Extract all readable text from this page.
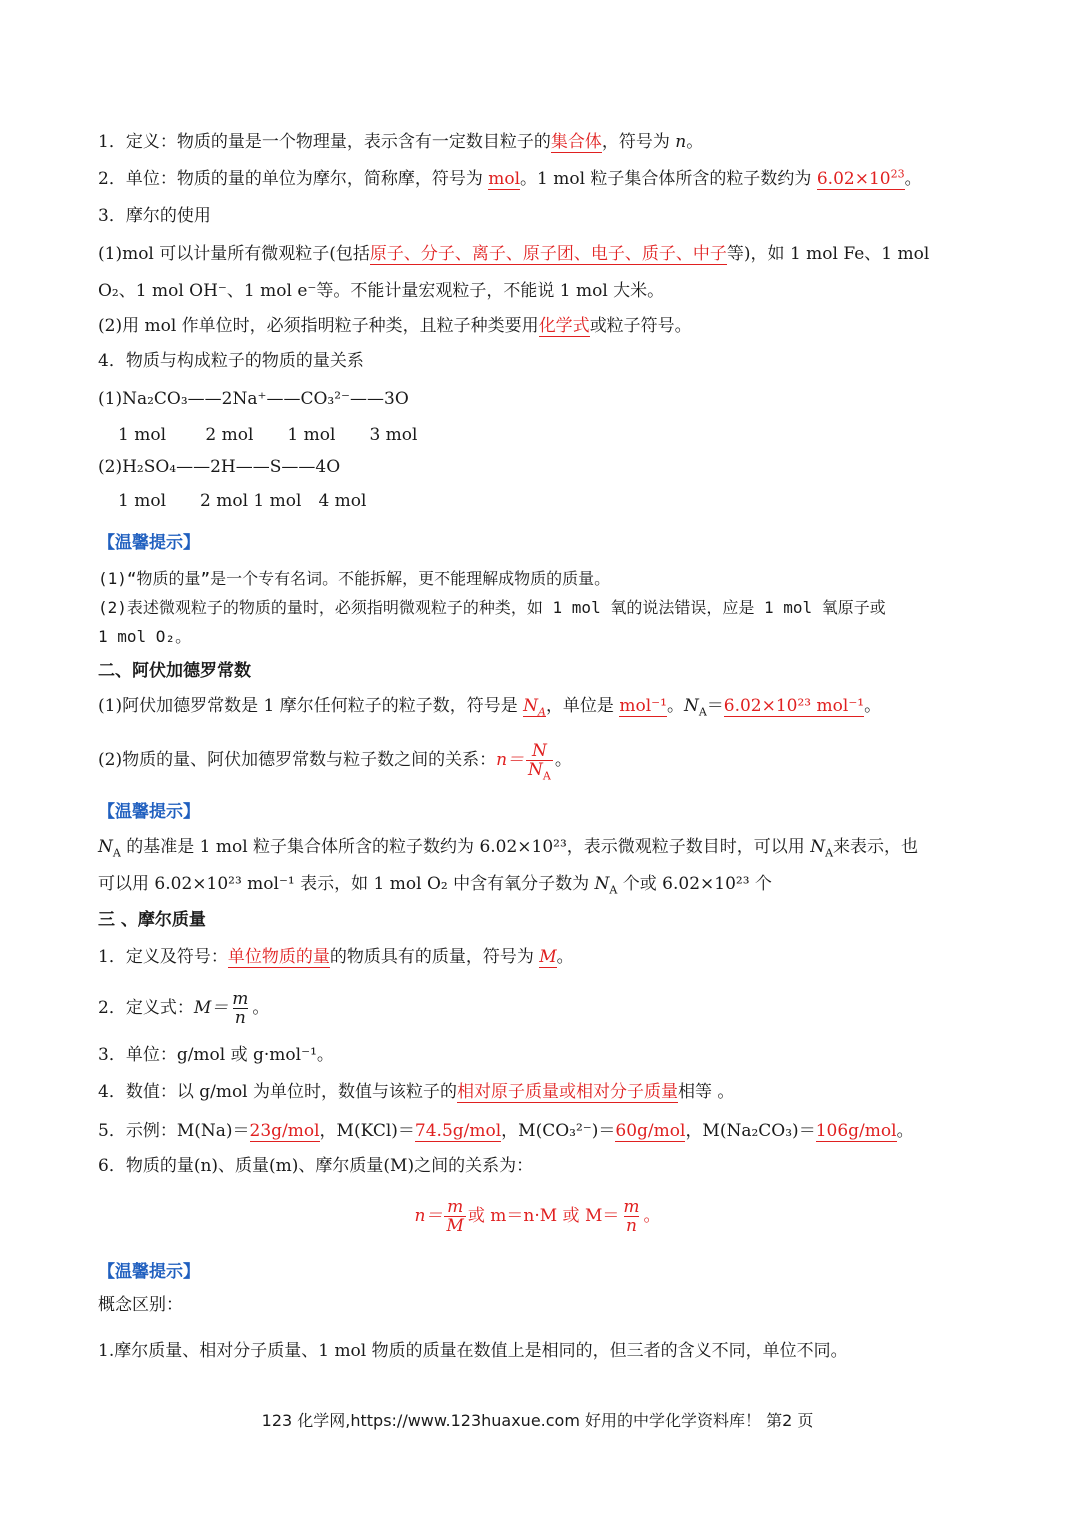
1．定义：物质的量是一个物理量，表示含有一定数目粒子的集合体，符号为 n。
2．单位：物质的量的单位为摩尔，简称摩，符号为 mol。1 mol 粒子集合体所含的粒子数约为 $6.02\times 10^{23}$。
3．摩尔的使用
(1)mol 可以计量所有微观粒子(包括原子、分子、离子、原子团、电子、质子、中子等)，如 1 mol Fe、1 mol
O₂、1 mol OH⁻、1 mol e⁻等。不能计量宏观粒子，不能说 1 mol 大米。
(2)用 mol 作单位时，必须指明粒子种类，且粒子种类要用化学式或粒子符号。
4．物质与构成粒子的物质的量关系
(1)Na₂CO₃——2Na⁺——CO₃²⁻——3O
1 mol　　 2 mol　　1 mol　　3 mol
(2)H₂SO₄——2H——S——4O
1 mol　　2 mol 1 mol　4 mol
【温馨提示】
(1)“物质的量”是一个专有名词。不能拆解，更不能理解成物质的质量。
(2)表述微观粒子的物质的量时，必须指明微观粒子的种类，如 1 mol 氧的说法错误，应是 1 mol 氧原子或
1 mol O₂。
二、阿伏加德罗常数
(1)阿伏加德罗常数是 1 摩尔任何粒子的粒子数，符号是 $N_A$，单位是 mol⁻¹。$N_A=6.02\times 10^{23}$ mol⁻¹。
(2)物质的量、阿伏加德罗常数与粒子数之间的关系：$n= \frac{N}{N_A}$ 。
【温馨提示】
$N_A$ 的基准是 1 mol 粒子集合体所含的粒子数约为 6.02×10²³，表示微观粒子数目时，可以用 $N_A$来表示，也
可以用 6.02×10²³ mol⁻¹ 表示，如 1 mol O₂ 中含有氧分子数为 $N_A$ 个或 6.02×10²³ 个
三 、摩尔质量
1．定义及符号：单位物质的量的物质具有的质量，符号为 M。
2．定义式：$M= \frac{m}{n}$ 。
3．单位：g/mol 或 g·mol⁻¹。
4．数值：以 g/mol 为单位时，数值与该粒子的相对原子质量或相对分子质量相等 。
5．示例：M(Na)＝23g/mol，M(KCl)＝74.5g/mol，M(CO₃²⁻)＝60g/mol，M(Na₂CO₃)＝106g/mol。
6．物质的量(n)、质量(m)、摩尔质量(M)之间的关系为：
$n= \frac{m}{M}$ 或 m＝n·M 或 $M= \frac{m}{n}$ 。
【温馨提示】
概念区别：
1.摩尔质量、相对分子质量、1 mol 物质的质量在数值上是相同的，但三者的含义不同，单位不同。
123 化学网,https://www.123huaxue.com 好用的中学化学资料库！ 第2 页
